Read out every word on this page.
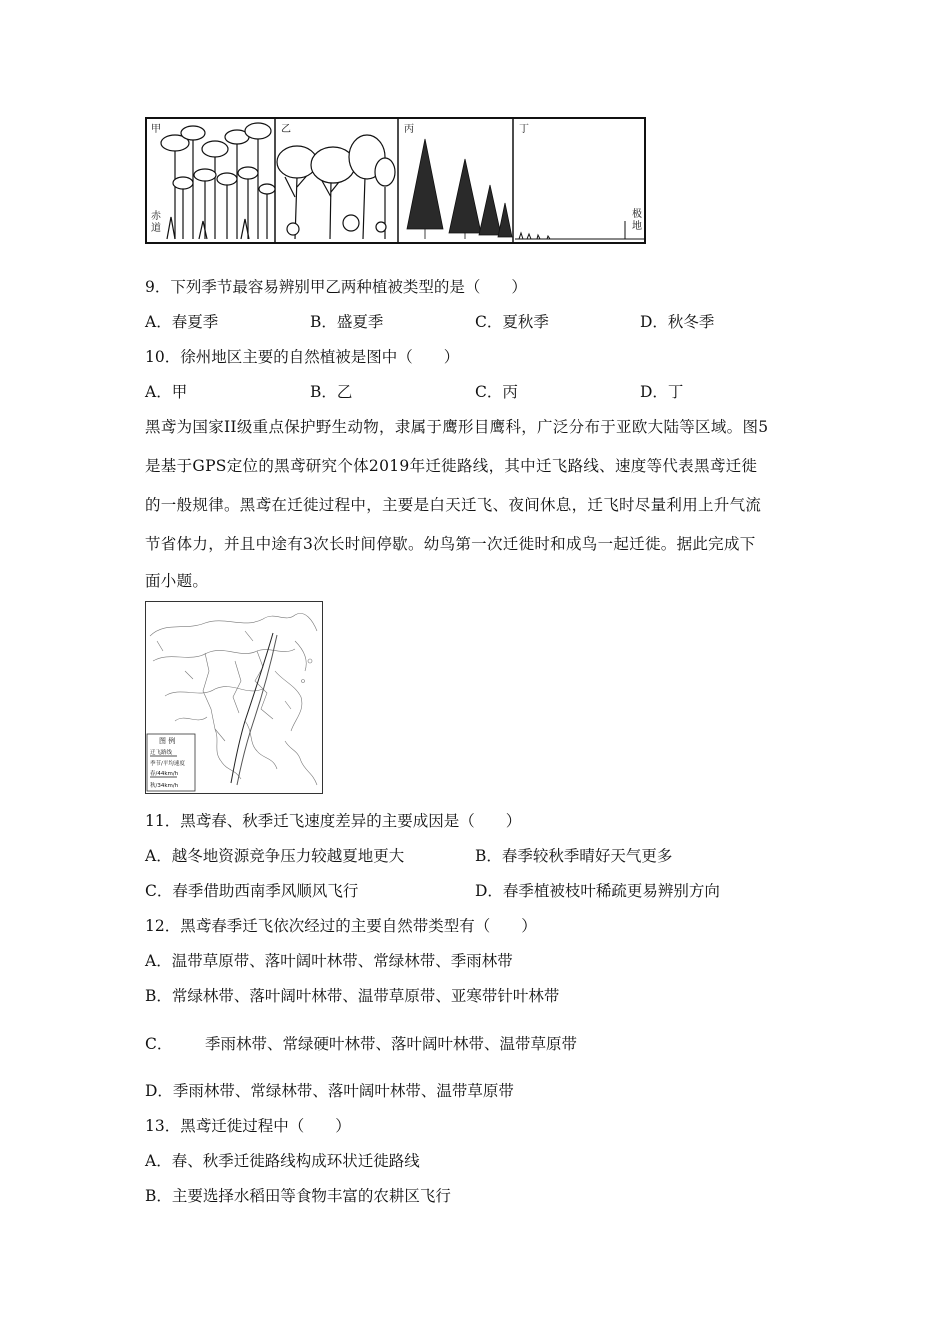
甲	乙	丙	丁
赤道
极地
9．下列季节最容易辨别甲乙两种植被类型的是（　　）
A．春夏季	B．盛夏季	C．夏秋季	D．秋冬季
10．徐州地区主要的自然植被是图中（　　）
A．甲	B．乙	C．丙	D．丁
黑鸢为国家II级重点保护野生动物，隶属于鹰形目鹰科，广泛分布于亚欧大陆等区域。图5
是基于GPS定位的黑鸢研究个体2019年迁徙路线，其中迁飞路线、速度等代表黑鸢迁徙
的一般规律。黑鸢在迁徙过程中，主要是白天迁飞、夜间休息，迁飞时尽量利用上升气流
节省体力，并且中途有3次长时间停歇。幼鸟第一次迁徙时和成鸟一起迁徙。据此完成下
面小题。
图 例
迁飞路线
季节/平均速度
春/44km/h
秋/34km/h
11．黑鸢春、秋季迁飞速度差异的主要成因是（　　）
A．越冬地资源竞争压力较越夏地更大	B．春季较秋季晴好天气更多
C．春季借助西南季风顺风飞行	D．春季植被枝叶稀疏更易辨别方向
12．黑鸢春季迁飞依次经过的主要自然带类型有（　　）
A．温带草原带、落叶阔叶林带、常绿林带、季雨林带
B．常绿林带、落叶阔叶林带、温带草原带、亚寒带针叶林带
C． 季雨林带、常绿硬叶林带、落叶阔叶林带、温带草原带
D．季雨林带、常绿林带、落叶阔叶林带、温带草原带
13．黑鸢迁徙过程中（　　）
A．春、秋季迁徙路线构成环状迁徙路线
B．主要选择水稻田等食物丰富的农耕区飞行
